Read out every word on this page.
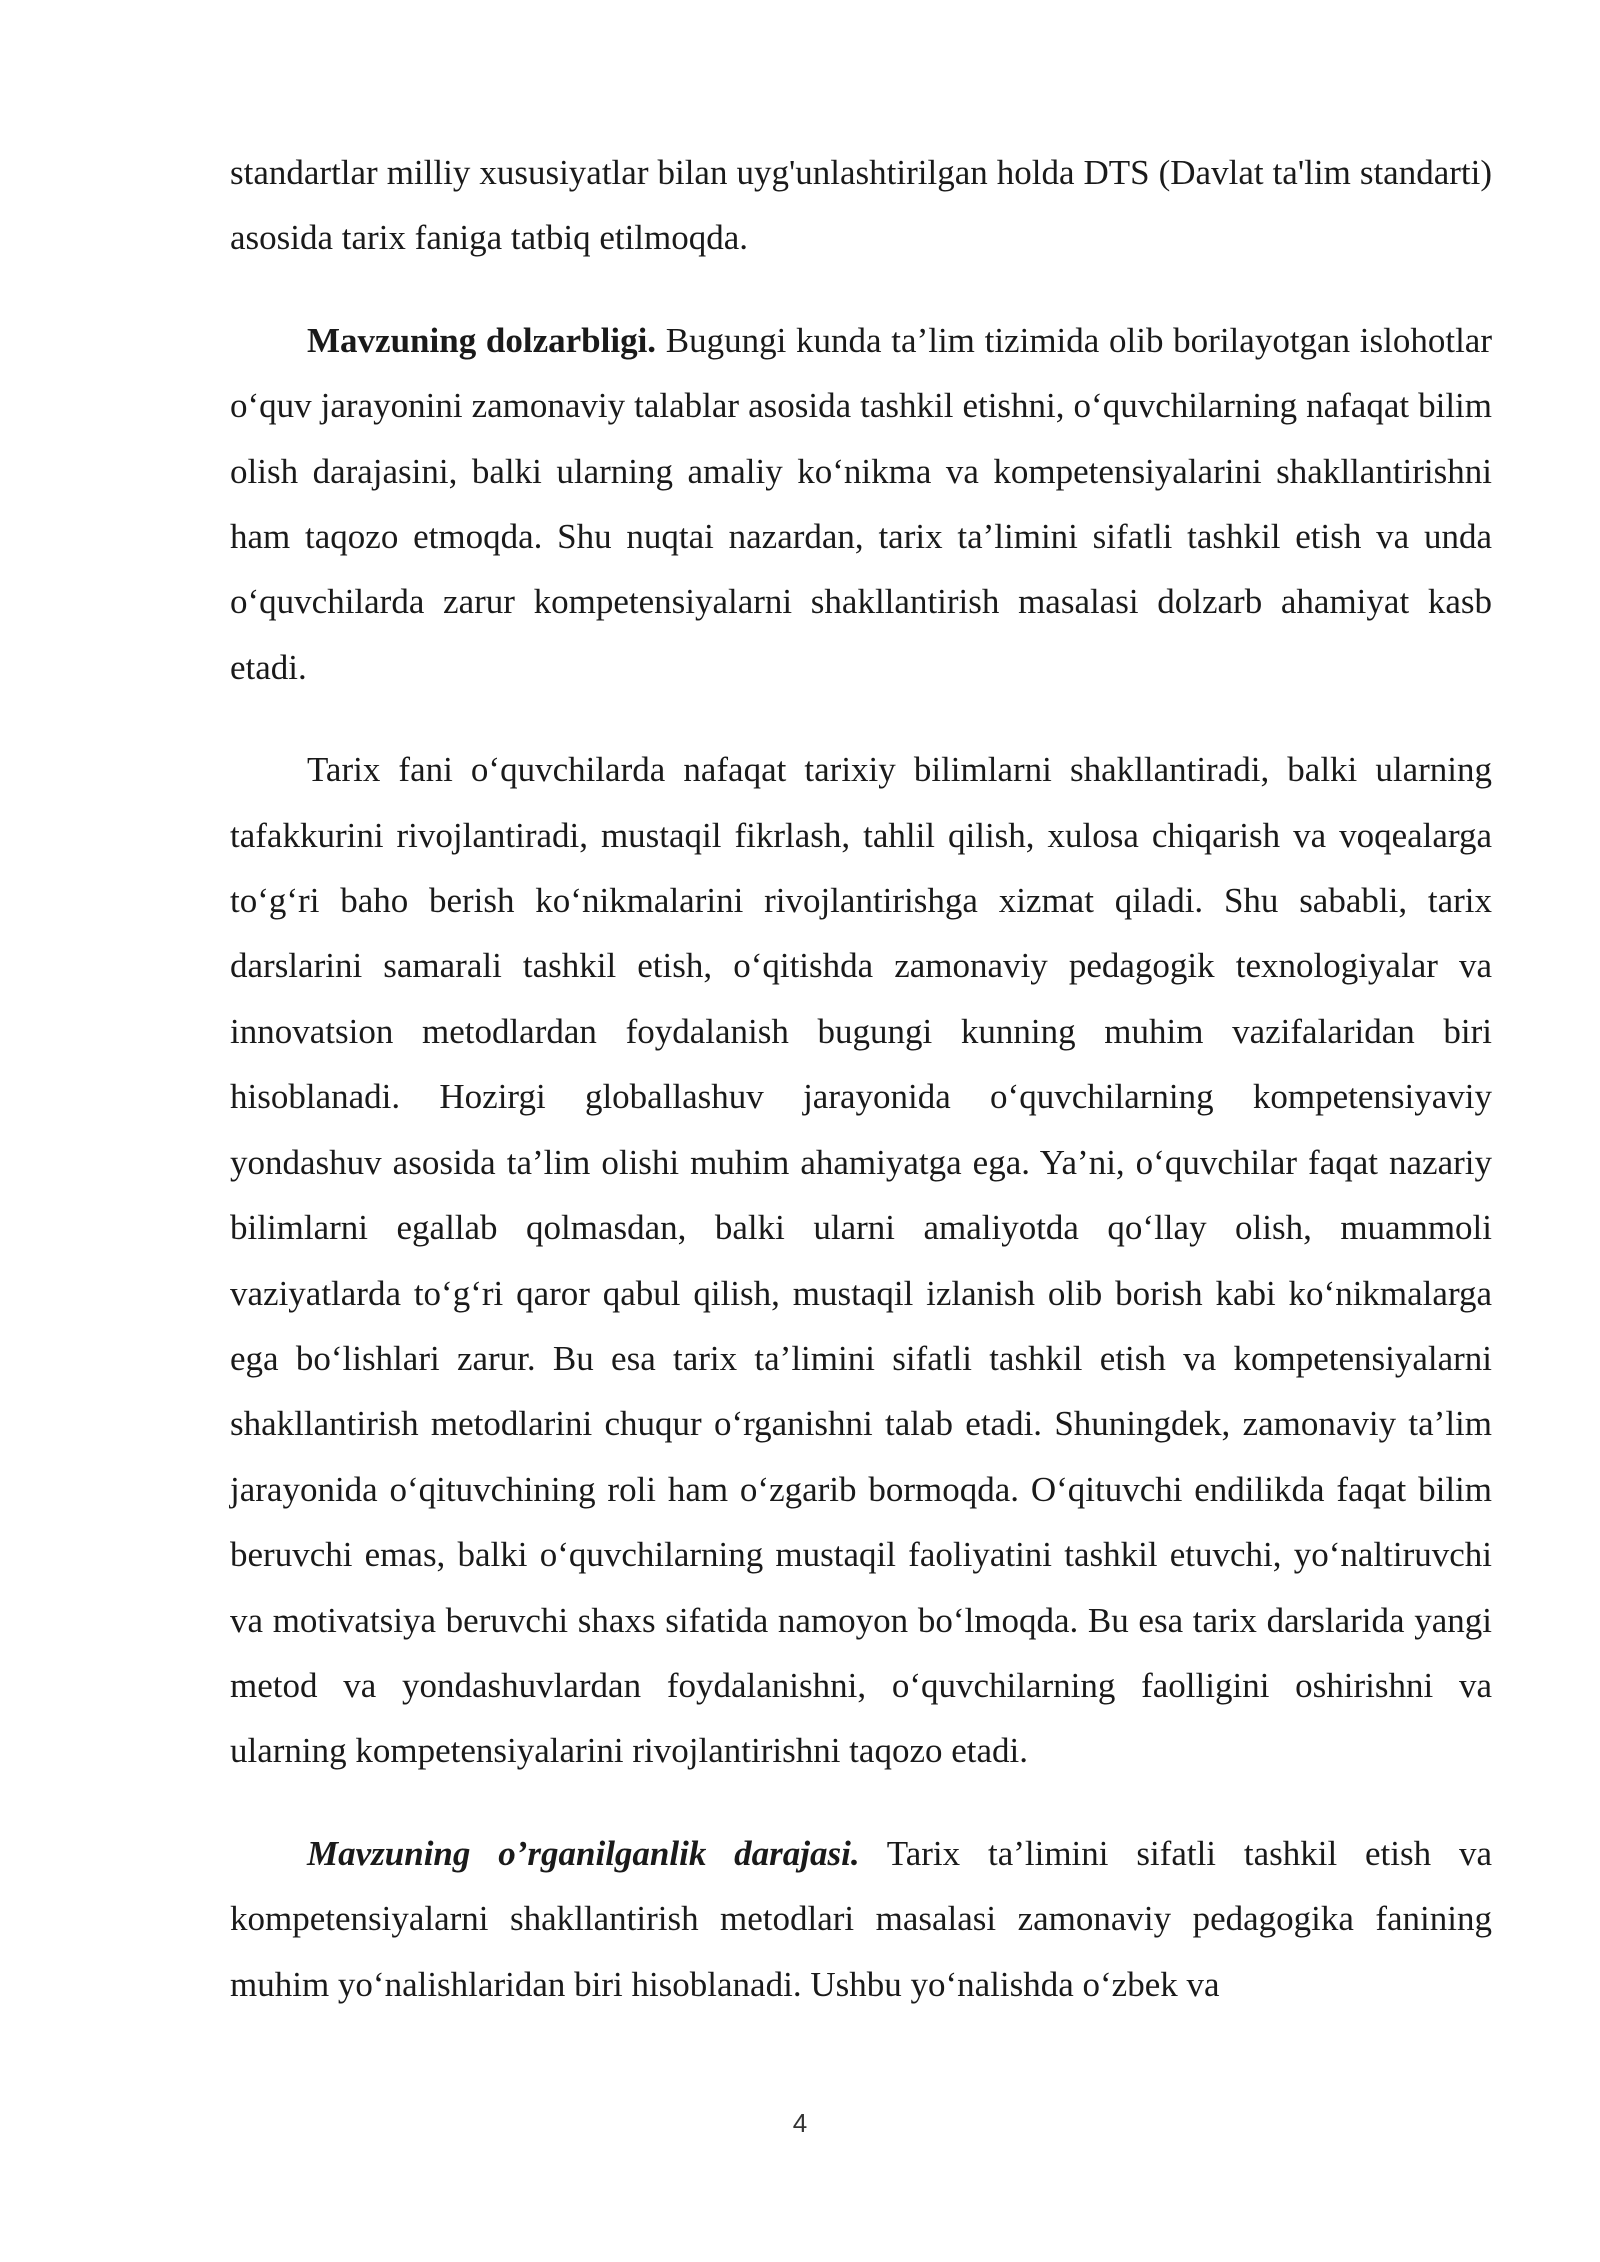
standartlar milliy xususiyatlar bilan uyg'unlashtirilgan holda DTS (Davlat ta'lim standarti) asosida tarix faniga tatbiq etilmoqda.

Mavzuning dolzarbligi. Bugungi kunda ta’lim tizimida olib borilayotgan islohotlar o‘quv jarayonini zamonaviy talablar asosida tashkil etishni, o‘quvchilarning nafaqat bilim olish darajasini, balki ularning amaliy ko‘nikma va kompetensiyalarini shakllantirishni ham taqozo etmoqda. Shu nuqtai nazardan, tarix ta’limini sifatli tashkil etish va unda o‘quvchilarda zarur kompetensiyalarni shakllantirish masalasi dolzarb ahamiyat kasb etadi.

Tarix fani o‘quvchilarda nafaqat tarixiy bilimlarni shakllantiradi, balki ularning tafakkurini rivojlantiradi, mustaqil fikrlash, tahlil qilish, xulosa chiqarish va voqealarga to‘g‘ri baho berish ko‘nikmalarini rivojlantirishga xizmat qiladi. Shu sababli, tarix darslarini samarali tashkil etish, o‘qitishda zamonaviy pedagogik texnologiyalar va innovatsion metodlardan foydalanish bugungi kunning muhim vazifalaridan biri hisoblanadi. Hozirgi globallashuv jarayonida o‘quvchilarning kompetensiyaviy yondashuv asosida ta’lim olishi muhim ahamiyatga ega. Ya’ni, o‘quvchilar faqat nazariy bilimlarni egallab qolmasdan, balki ularni amaliyotda qo‘llay olish, muammoli vaziyatlarda to‘g‘ri qaror qabul qilish, mustaqil izlanish olib borish kabi ko‘nikmalarga ega bo‘lishlari zarur. Bu esa tarix ta’limini sifatli tashkil etish va kompetensiyalarni shakllantirish metodlarini chuqur o‘rganishni talab etadi. Shuningdek, zamonaviy ta’lim jarayonida o‘qituvchining roli ham o‘zgarib bormoqda. O‘qituvchi endilikda faqat bilim beruvchi emas, balki o‘quvchilarning mustaqil faoliyatini tashkil etuvchi, yo‘naltiruvchi va motivatsiya beruvchi shaxs sifatida namoyon bo‘lmoqda. Bu esa tarix darslarida yangi metod va yondashuvlardan foydalanishni, o‘quvchilarning faolligini oshirishni va ularning kompetensiyalarini rivojlantirishni taqozo etadi.

Mavzuning o’rganilganlik darajasi. Tarix ta’limini sifatli tashkil etish va kompetensiyalarni shakllantirish metodlari masalasi zamonaviy pedagogika fanining muhim yo‘nalishlaridan biri hisoblanadi. Ushbu yo‘nalishda o‘zbek va

4
